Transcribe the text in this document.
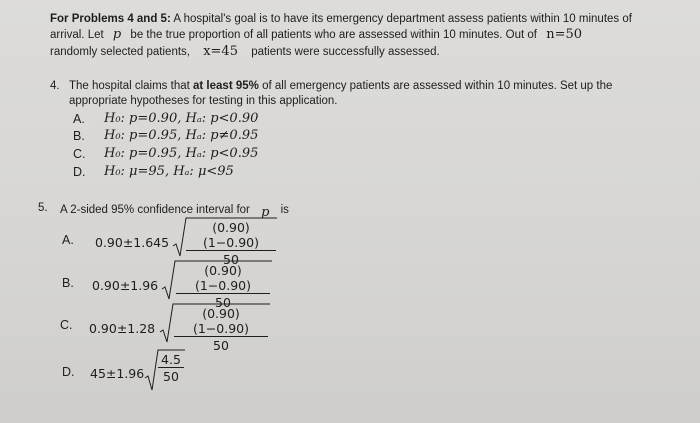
For Problems 4 and 5: A hospital's goal is to have its emergency department assess patients within 10 minutes of
arrival. Let p be the true proportion of all patients who are assessed within 10 minutes. Out of n=50
randomly selected patients, x=45 patients were successfully assessed.
4. The hospital claims that at least 95% of all emergency patients are assessed within 10 minutes. Set up the
appropriate hypotheses for testing in this application.
A. H₀: p=0.90, Hₐ: p<0.90
B. H₀: p=0.95, Hₐ: p≠0.95
C. H₀: p=0.95, Hₐ: p<0.95
D. H₀: μ=95, Hₐ: μ<95
5. A 2-sided 95% confidence interval for p is
A. $0.90\pm 1.645 \frac{(0.90)(1-0.90)}{50}$
B. $0.90\pm 1.96 \frac{(0.90)(1-0.90)}{50}$
C. $0.90\pm 1.28 \frac{(0.90)(1-0.90)}{50}$
D. $45\pm 1.96 \frac{4.5}{50}$
